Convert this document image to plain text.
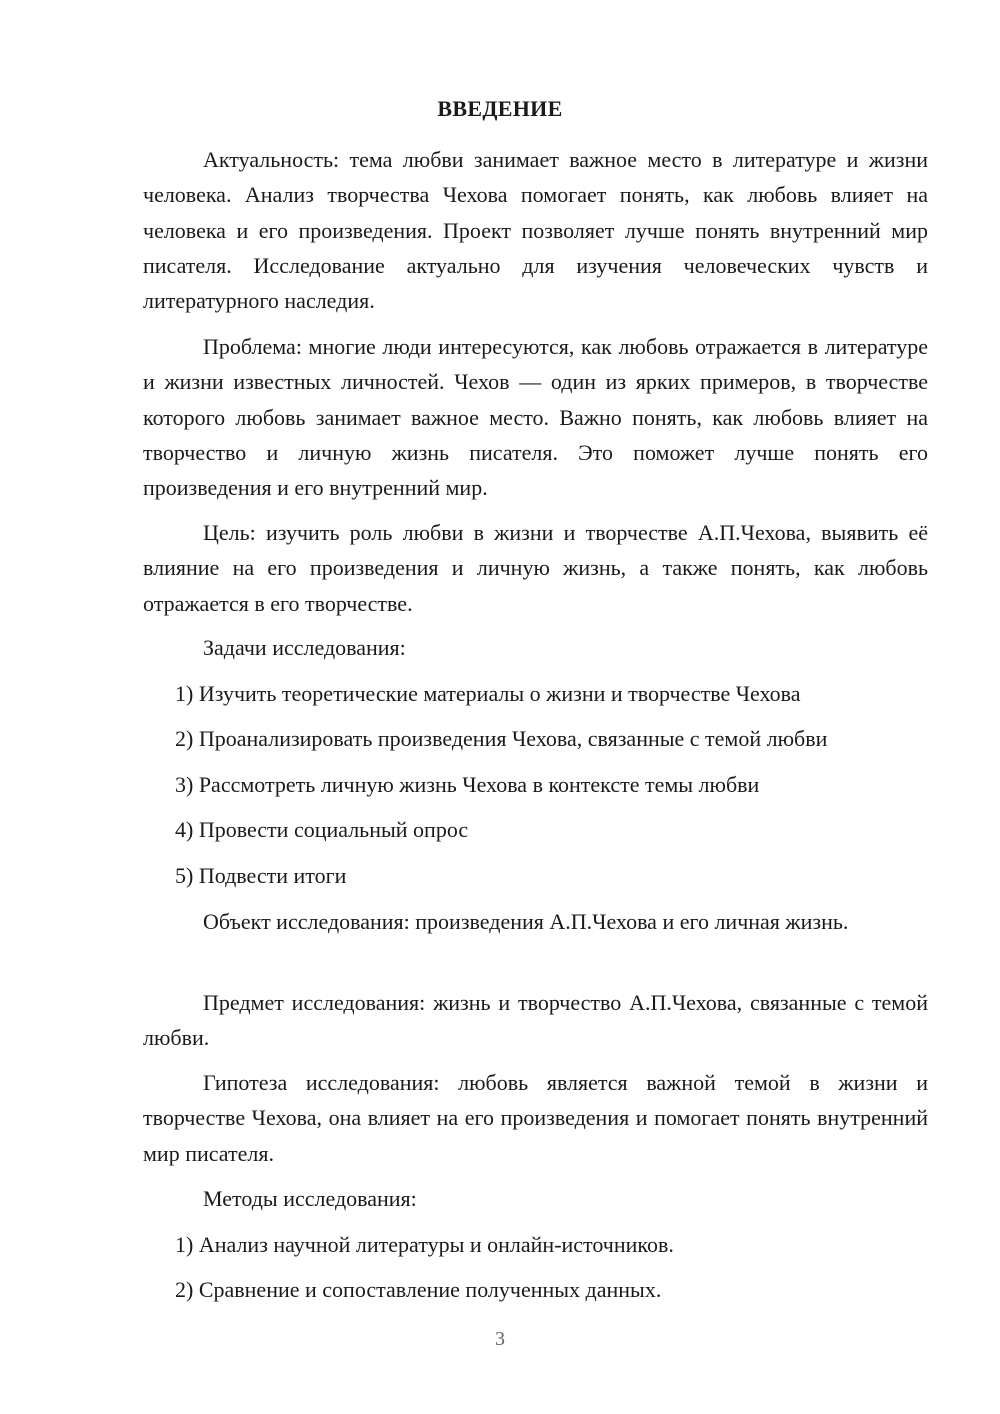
ВВЕДЕНИЕ

Актуальность: тема любви занимает важное место в литературе и жизни человека. Анализ творчества Чехова помогает понять, как любовь влияет на человека и его произведения. Проект позволяет лучше понять внутренний мир писателя. Исследование актуально для изучения человеческих чувств и литературного наследия.

Проблема: многие люди интересуются, как любовь отражается в литературе и жизни известных личностей. Чехов — один из ярких примеров, в творчестве которого любовь занимает важное место. Важно понять, как любовь влияет на творчество и личную жизнь писателя. Это поможет лучше понять его произведения и его внутренний мир.

Цель: изучить роль любви в жизни и творчестве А.П.Чехова, выявить её влияние на его произведения и личную жизнь, а также понять, как любовь отражается в его творчестве.

Задачи исследования:

1) Изучить теоретические материалы о жизни и творчестве Чехова

2) Проанализировать произведения Чехова, связанные с темой любви

3) Рассмотреть личную жизнь Чехова в контексте темы любви

4) Провести социальный опрос

5) Подвести итоги

Объект исследования: произведения А.П.Чехова и его личная жизнь.

Предмет исследования: жизнь и творчество А.П.Чехова, связанные с темой любви.

Гипотеза исследования: любовь является важной темой в жизни и творчестве Чехова, она влияет на его произведения и помогает понять внутренний мир писателя.

Методы исследования:

1) Анализ научной литературы и онлайн-источников.

2) Сравнение и сопоставление полученных данных.

3
